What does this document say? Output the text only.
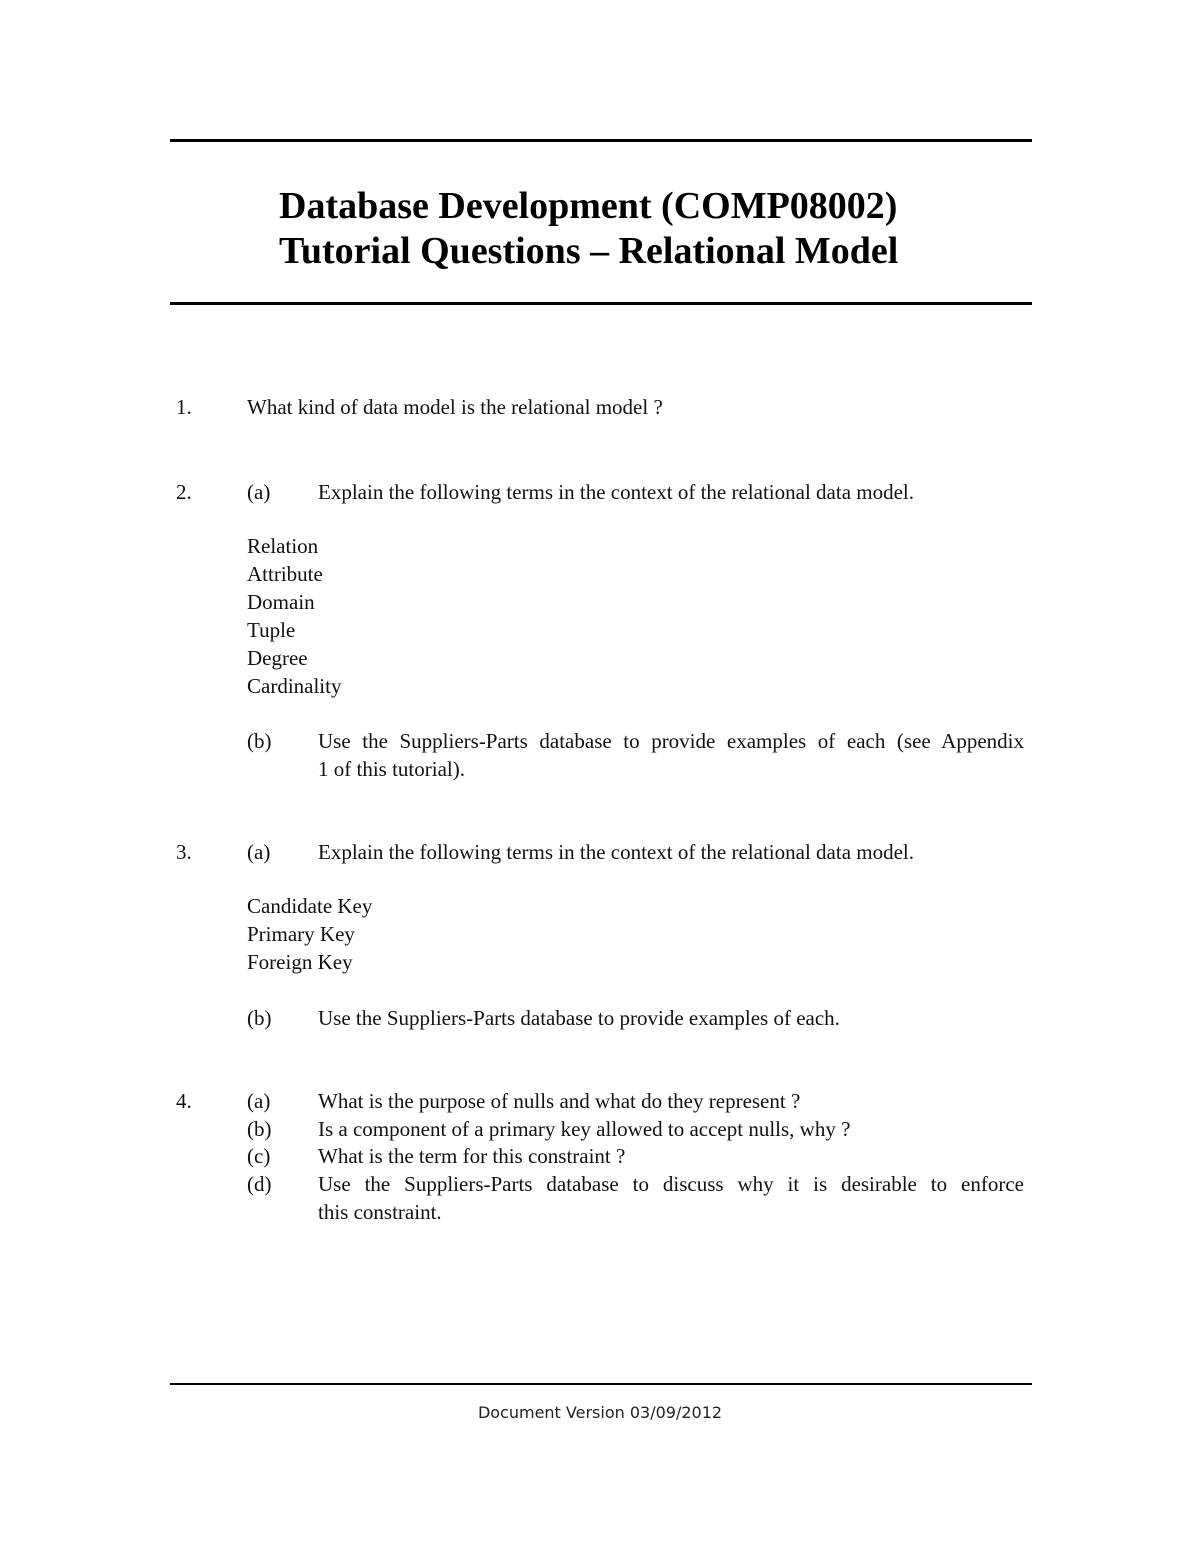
Database Development (COMP08002)
Tutorial Questions – Relational Model
1.	What kind of data model is the relational model ?
2.	(a) Explain the following terms in the context of the relational data model.
Relation
Attribute
Domain
Tuple
Degree
Cardinality
(b) Use the Suppliers-Parts database to provide examples of each (see Appendix
1 of this tutorial).
3.	(a) Explain the following terms in the context of the relational data model.
Candidate Key
Primary Key
Foreign Key
(b) Use the Suppliers-Parts database to provide examples of each.
4.	(a) What is the purpose of nulls and what do they represent ?
(b) Is a component of a primary key allowed to accept nulls, why ?
(c) What is the term for this constraint ?
(d) Use the Suppliers-Parts database to discuss why it is desirable to enforce
this constraint.
Document Version 03/09/2012
